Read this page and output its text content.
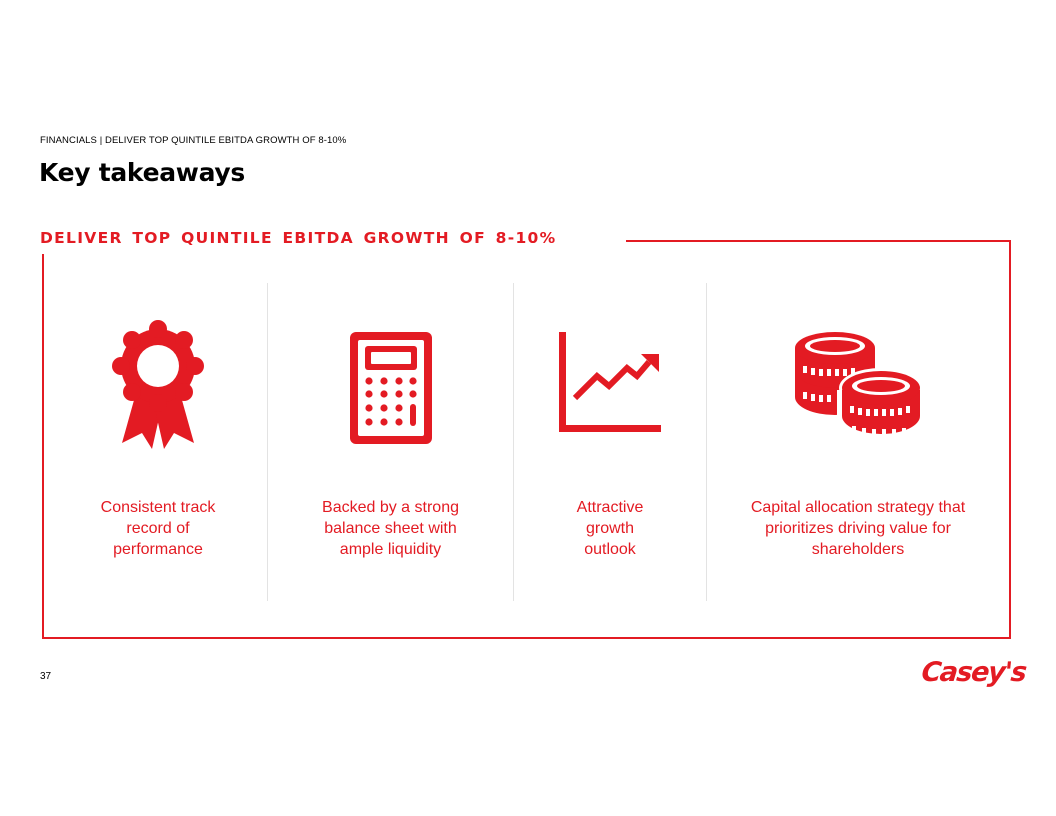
FINANCIALS | DELIVER TOP QUINTILE EBITDA GROWTH OF 8-10%
Key takeaways
DELIVER TOP QUINTILE EBITDA GROWTH OF 8-10%
Consistent track record of performance
Backed by a strong balance sheet with ample liquidity
Attractive growth outlook
Capital allocation strategy that prioritizes driving value for shareholders
37	Casey's
